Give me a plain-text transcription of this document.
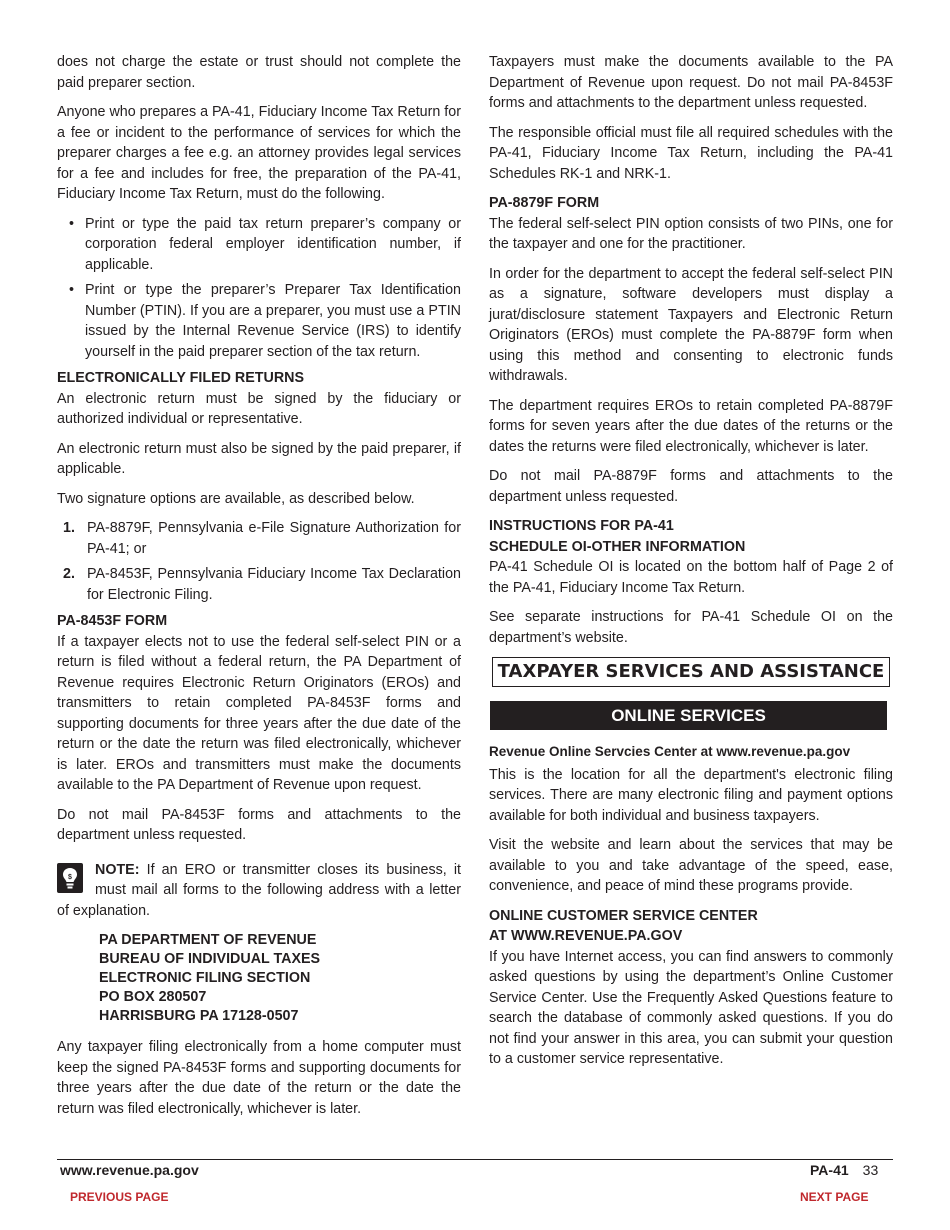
does not charge the estate or trust should not complete the paid preparer section.

Anyone who prepares a PA-41, Fiduciary Income Tax Return for a fee or incident to the performance of services for which the preparer charges a fee e.g. an attorney provides legal services for a fee and includes for free, the preparation of the PA-41, Fiduciary Income Tax Return, must do the following.

• Print or type the paid tax return preparer’s company or corporation federal employer identification number, if applicable.
• Print or type the preparer’s Preparer Tax Identification Number (PTIN). If you are a preparer, you must use a PTIN issued by the Internal Revenue Service (IRS) to identify yourself in the paid preparer section of the tax return.
ELECTRONICALLY FILED RETURNS

An electronic return must be signed by the fiduciary or authorized individual or representative.

An electronic return must also be signed by the paid preparer, if applicable.

Two signature options are available, as described below.

1. PA-8879F, Pennsylvania e-File Signature Authorization for PA-41; or
2. PA-8453F, Pennsylvania Fiduciary Income Tax Declaration for Electronic Filing.
PA-8453F FORM

If a taxpayer elects not to use the federal self-select PIN or a return is filed without a federal return, the PA Department of Revenue requires Electronic Return Originators (EROs) and transmitters to retain completed PA-8453F forms and supporting documents for three years after the due date of the return or the date the return was filed electronically, whichever is later. EROs and transmitters must make the documents available to the PA Department of Revenue upon request.

Do not mail PA-8453F forms and attachments to the department unless requested.

$	NOTE: If an ERO or transmitter closes its business, it must mail all forms to the following address with a letter of explanation.

PA DEPARTMENT OF REVENUE
BUREAU OF INDIVIDUAL TAXES
ELECTRONIC FILING SECTION
PO BOX 280507
HARRISBURG PA 17128-0507

Any taxpayer filing electronically from a home computer must keep the signed PA-8453F forms and supporting documents for three years after the due date of the return or the date the return was filed electronically, whichever is later.

Taxpayers must make the documents available to the PA Department of Revenue upon request. Do not mail PA-8453F forms and attachments to the department unless requested.

The responsible official must file all required schedules with the PA-41, Fiduciary Income Tax Return, including the PA-41 Schedules RK-1 and NRK-1.

PA-8879F FORM

The federal self-select PIN option consists of two PINs, one for the taxpayer and one for the practitioner.

In order for the department to accept the federal self-select PIN as a signature, software developers must display a jurat/disclosure statement Taxpayers and Electronic Return Originators (EROs) must complete the PA-8879F form when using this method and consenting to electronic funds withdrawals.

The department requires EROs to retain completed PA-8879F forms for seven years after the due dates of the returns or the dates the returns were filed electronically, whichever is later.

Do not mail PA-8879F forms and attachments to the department unless requested.

INSTRUCTIONS FOR PA-41
SCHEDULE OI-OTHER INFORMATION

PA-41 Schedule OI is located on the bottom half of Page 2 of the PA-41, Fiduciary Income Tax Return.

See separate instructions for PA-41 Schedule OI on the department’s website.

TAXPAYER SERVICES AND ASSISTANCE
ONLINE SERVICES
Revenue Online Servcies Center at www.revenue.pa.gov

This is the location for all the department's electronic filing services. There are many electronic filing and payment options available for both individual and business taxpayers.

Visit the website and learn about the services that may be available to you and take advantage of the speed, ease, convenience, and peace of mind these programs provide.

ONLINE CUSTOMER SERVICE CENTER
AT WWW.REVENUE.PA.GOV

If you have Internet access, you can find answers to commonly asked questions by using the department’s Online Customer Service Center. Use the Frequently Asked Questions feature to search the database of commonly asked questions. If you do not find your answer in this area, you can submit your question to a customer service representative.

www.revenue.pa.gov	PA-41 33
PREVIOUS PAGE	NEXT PAGE
